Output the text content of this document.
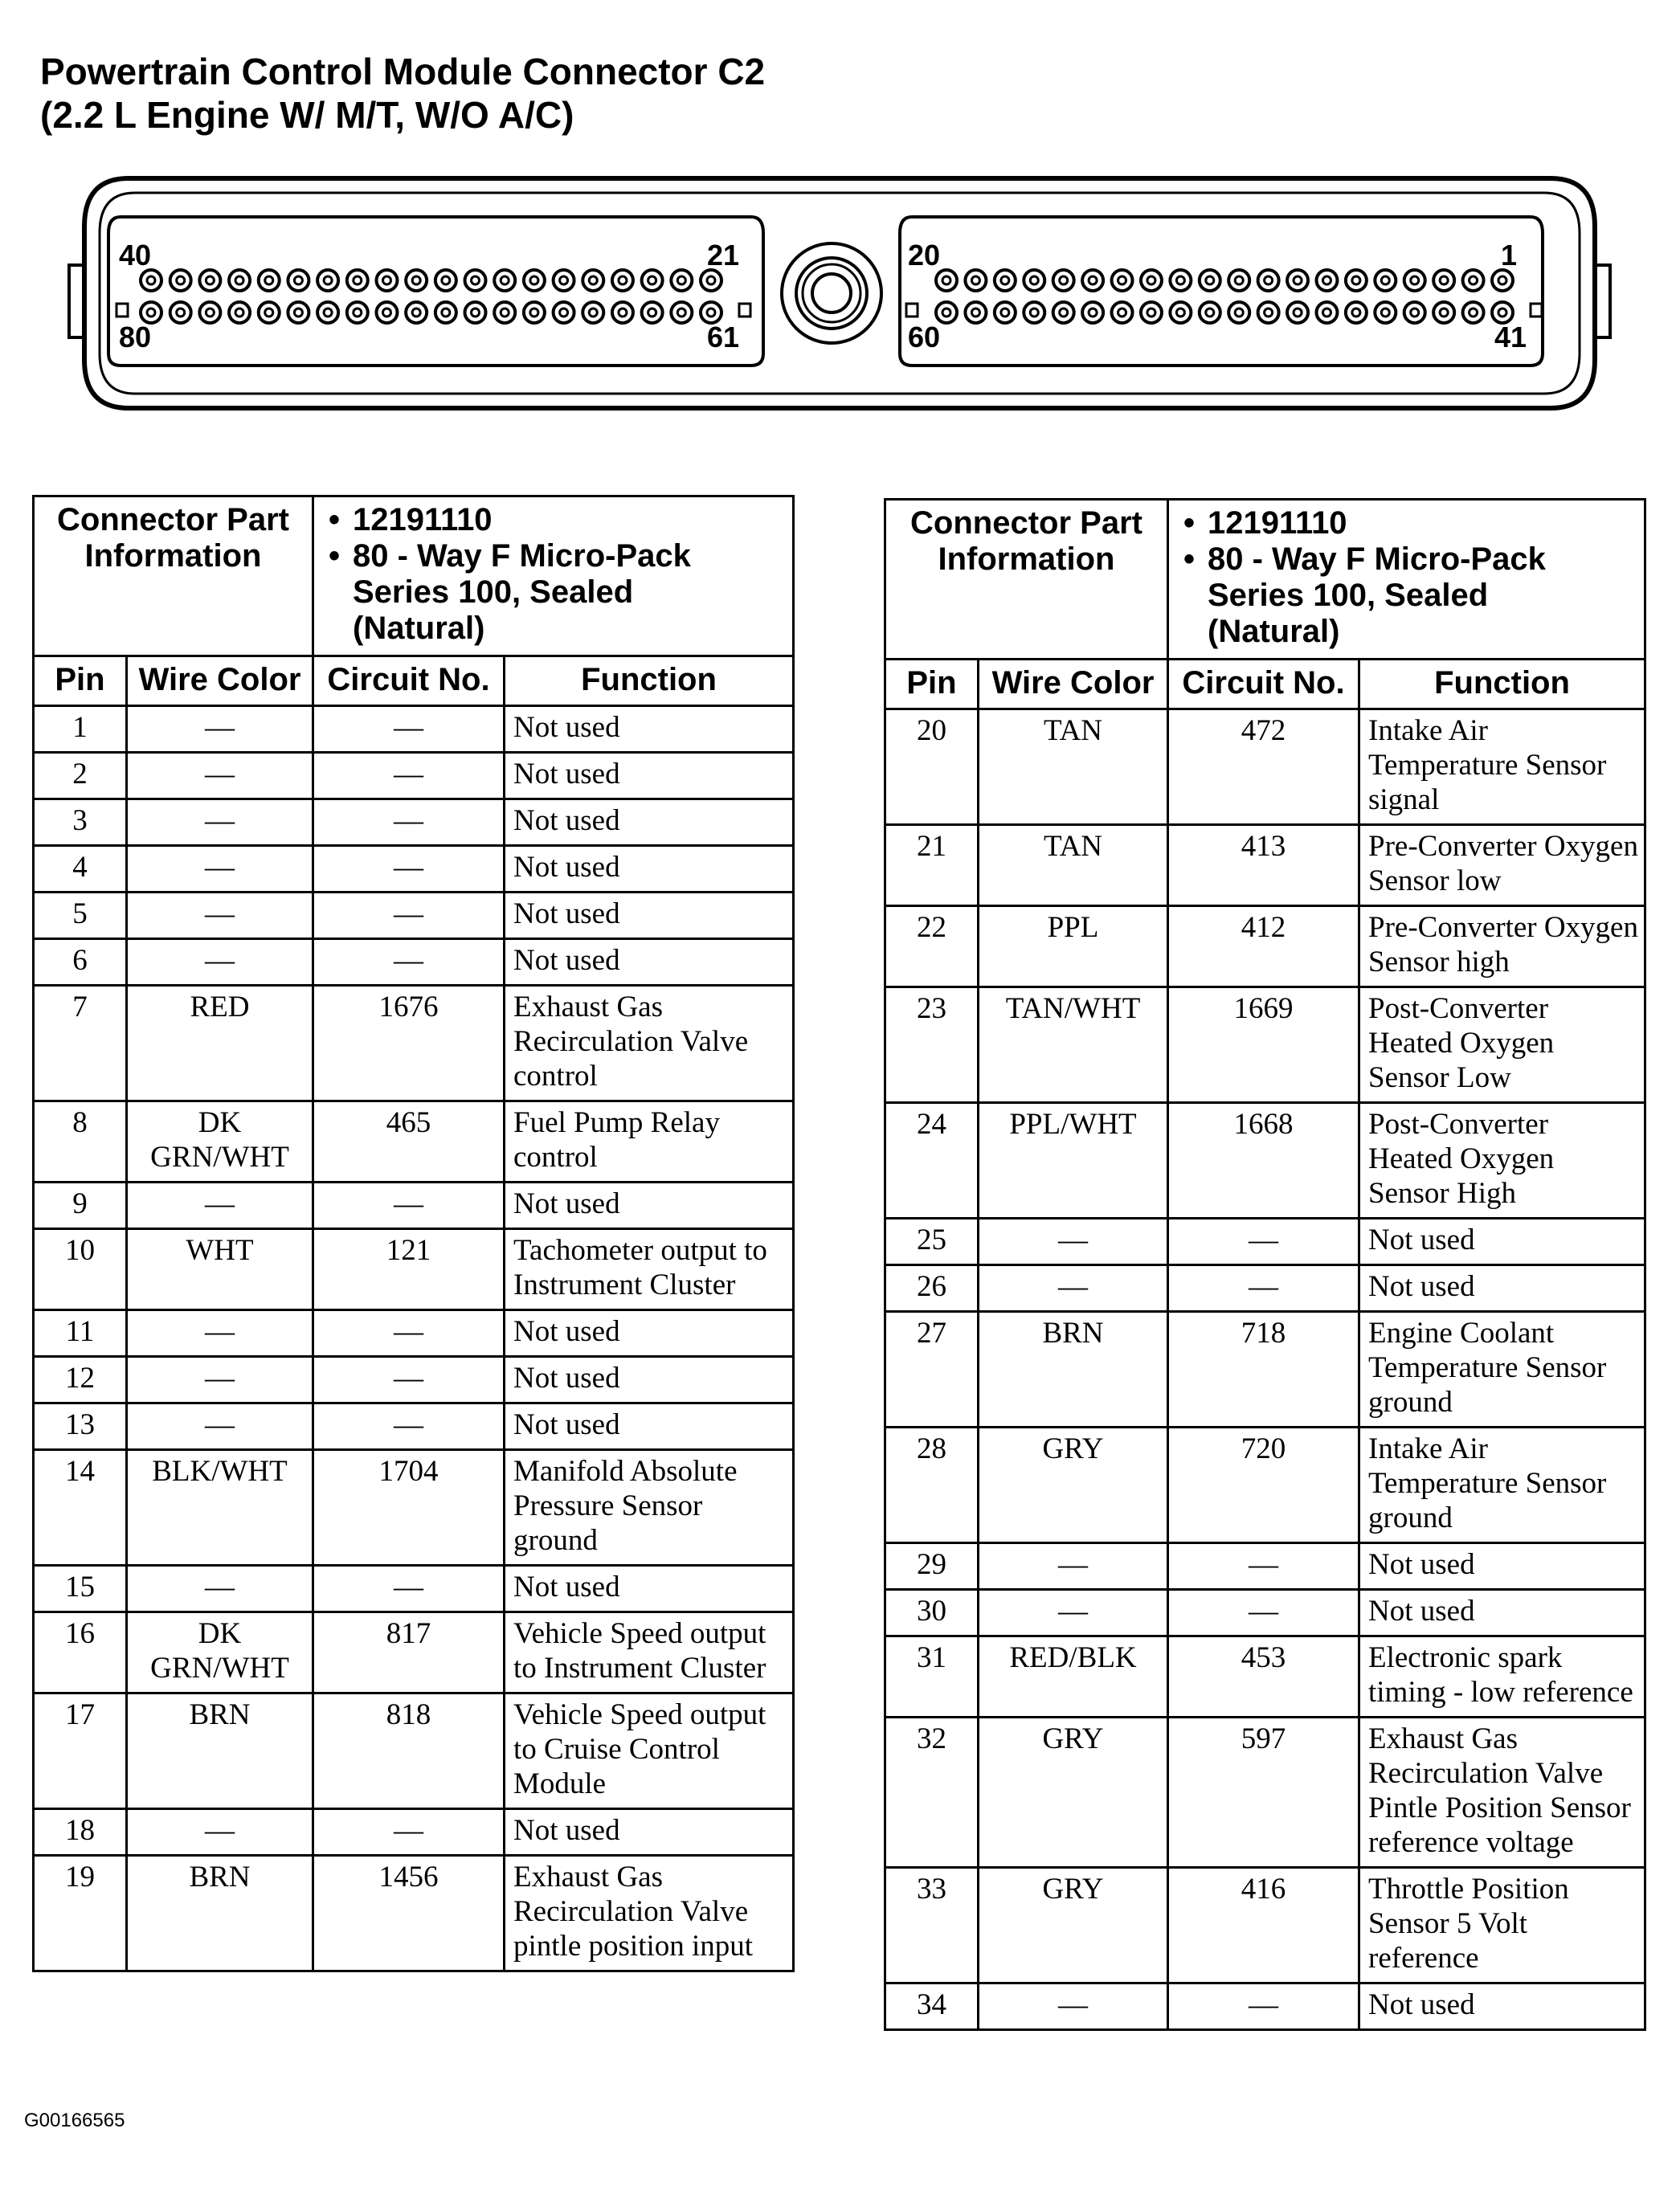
Powertrain Control Module Connector C2
(2.2 L Engine W/ M/T, W/O A/C)
40	21
80	61
20	1
60	41
Connector Part Information		• 12191110
• 80 - Way F Micro-Pack
Series 100, Sealed
(Natural)

Pin	Wire Color	Circuit No.	Function
1	—	—	Not used
2	—	—	Not used
3	—	—	Not used
4	—	—	Not used
5	—	—	Not used
6	—	—	Not used
7	RED	1676	Exhaust Gas Recirculation Valve control
8	DK GRN/WHT	465	Fuel Pump Relay control
9	—	—	Not used
10	WHT	121	Tachometer output to Instrument Cluster
11	—	—	Not used
12	—	—	Not used
13	—	—	Not used
14	BLK/WHT	1704	Manifold Absolute Pressure Sensor ground
15	—	—	Not used
16	DK GRN/WHT	817	Vehicle Speed output to Instrument Cluster
17	BRN	818	Vehicle Speed output to Cruise Control Module
18	—	—	Not used
19	BRN	1456	Exhaust Gas Recirculation Valve pintle position input
Connector Part Information		• 12191110
• 80 - Way F Micro-Pack
Series 100, Sealed
(Natural)

Pin	Wire Color	Circuit No.	Function
20	TAN	472	Intake Air Temperature Sensor signal
21	TAN	413	Pre-Converter Oxygen Sensor low
22	PPL	412	Pre-Converter Oxygen Sensor high
23	TAN/WHT	1669	Post-Converter Heated Oxygen Sensor Low
24	PPL/WHT	1668	Post-Converter Heated Oxygen Sensor High
25	—	—	Not used
26	—	—	Not used
27	BRN	718	Engine Coolant Temperature Sensor ground
28	GRY	720	Intake Air Temperature Sensor ground
29	—	—	Not used
30	—	—	Not used
31	RED/BLK	453	Electronic spark timing - low reference
32	GRY	597	Exhaust Gas Recirculation Valve Pintle Position Sensor reference voltage
33	GRY	416	Throttle Position Sensor 5 Volt reference
34	—	—	Not used
G00166565
